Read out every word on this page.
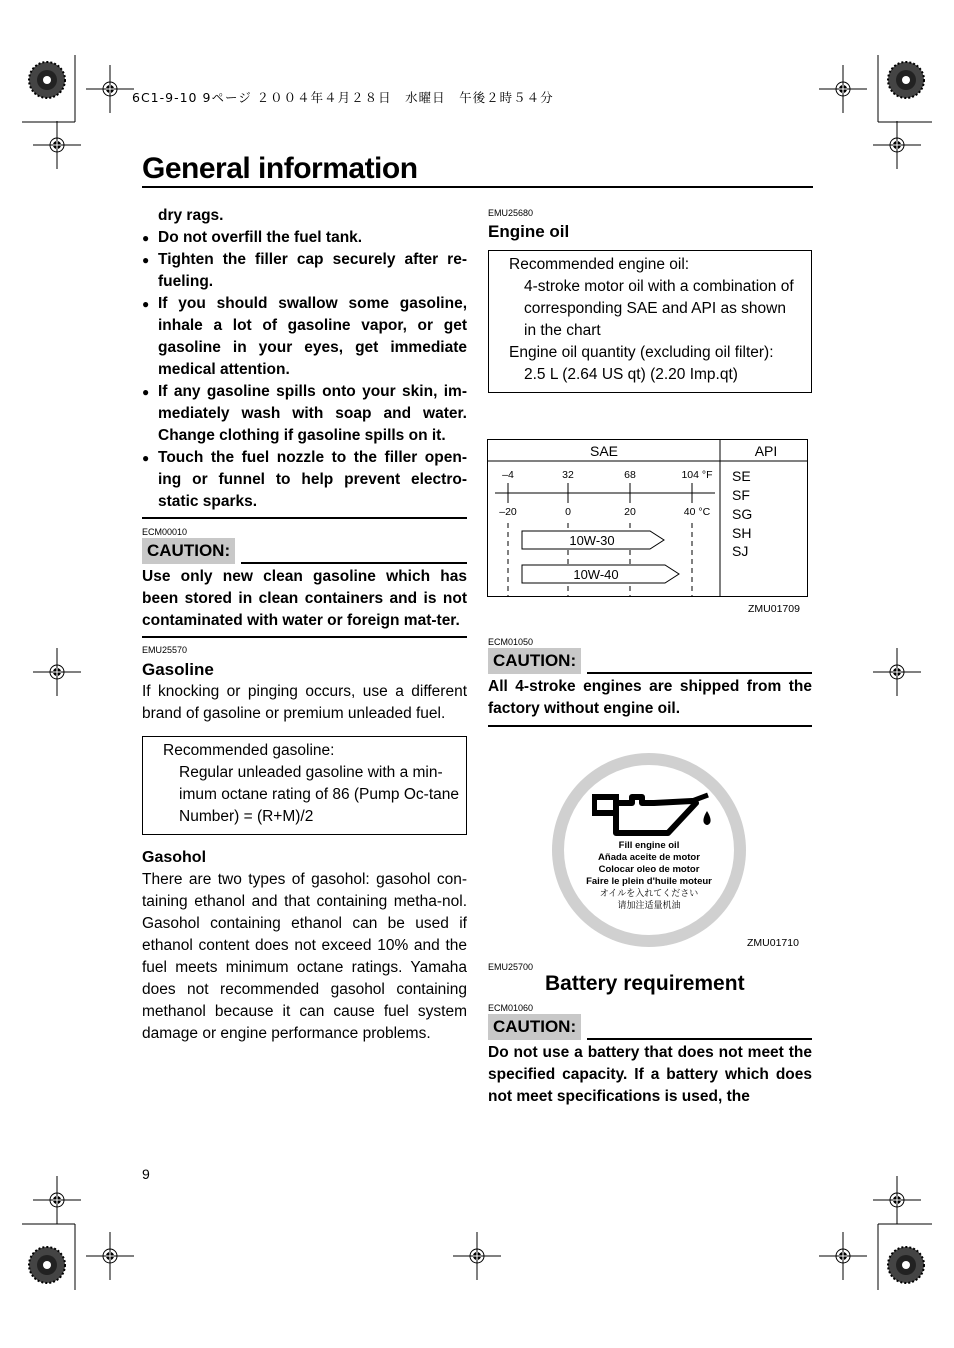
6C1-9-10 9ページ ２００４年４月２８日　水曜日　午後２時５４分
General information
dry rags.
● Do not overfill the fuel tank.
● Tighten the filler cap securely after re-fueling.
● If you should swallow some gasoline, inhale a lot of gasoline vapor, or get gasoline in your eyes, get immediate medical attention.
● If any gasoline spills onto your skin, im-mediately wash with soap and water. Change clothing if gasoline spills on it.
● Touch the fuel nozzle to the filler open-ing or funnel to help prevent electro-static sparks.
ECM00010
CAUTION:
Use only new clean gasoline which has been stored in clean containers and is not contaminated with water or foreign mat-ter.
EMU25570
Gasoline
If knocking or pinging occurs, use a different brand of gasoline or premium unleaded fuel.
Recommended gasoline:
Regular unleaded gasoline with a min-imum octane rating of 86 (Pump Oc-tane Number) = (R+M)/2
Gasohol
There are two types of gasohol: gasohol con-taining ethanol and that containing metha-nol. Gasohol containing ethanol can be used if ethanol content does not exceed 10% and the fuel meets minimum octane ratings. Yamaha does not recommended gasohol containing methanol because it can cause fuel system damage or engine performance problems.
EMU25680
Engine oil
Recommended engine oil:
4-stroke motor oil with a combination of corresponding SAE and API as shown in the chart
Engine oil quantity (excluding oil filter):
2.5 L (2.64 US qt) (2.20 Imp.qt)
SAE	API
–4	32	68	104 °F
–20	0	20	40 °C
10W-30
10W-40
SE
SF
SG
SH
SJ
ZMU01709
ECM01050
CAUTION:
All 4-stroke engines are shipped from the factory without engine oil.
Fill engine oil
Añada aceite de motor
Colocar oleo de motor
Faire le plein d'huile moteur
オイルを入れてください
请加注适量机油
ZMU01710
EMU25700
Battery requirement
ECM01060
CAUTION:
Do not use a battery that does not meet the specified capacity. If a battery which does not meet specifications is used, the
9
